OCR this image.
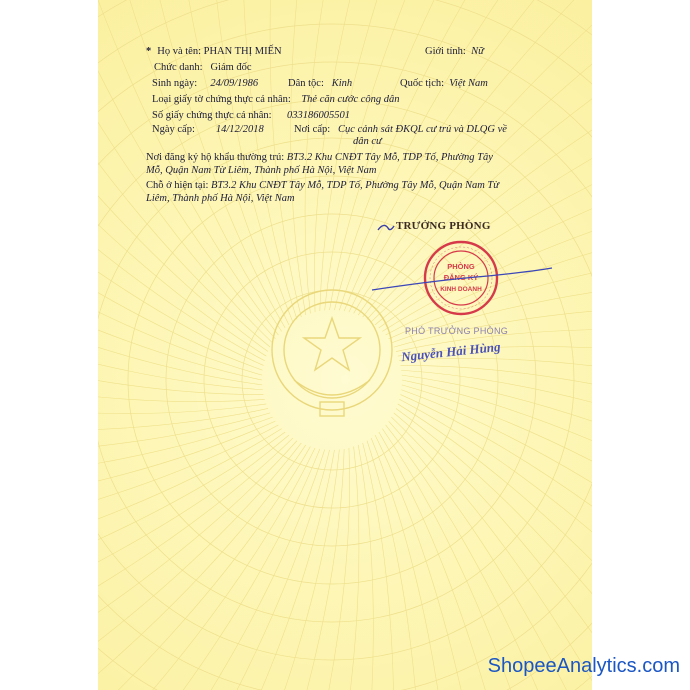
* Họ và tên: PHAN THỊ MIẾN	Giới tính: Nữ
Chức danh: Giám đốc
Sinh ngày: 24/09/1986	Dân tộc: Kinh	Quốc tịch: Việt Nam
Loại giấy tờ chứng thực cá nhân: Thẻ căn cước công dân
Số giấy chứng thực cá nhân: 033186005501
Ngày cấp: 14/12/2018	Nơi cấp: Cục cảnh sát ĐKQL cư trú và DLQG về
dân cư
Nơi đăng ký hộ khẩu thường trú: BT3.2 Khu CNĐT Tây Mỗ, TDP Tố, Phường Tây
Mỗ, Quận Nam Từ Liêm, Thành phố Hà Nội, Việt Nam
Chỗ ở hiện tại: BT3.2 Khu CNĐT Tây Mỗ, TDP Tố, Phường Tây Mỗ, Quận Nam Từ
Liêm, Thành phố Hà Nội, Việt Nam
TRƯỞNG PHÒNG
PHÒNG
ĐĂNG KÝ
KINH DOANH
PHÓ TRƯỞNG PHÒNG
Nguyễn Hải Hùng
ShopeeAnalytics.com
